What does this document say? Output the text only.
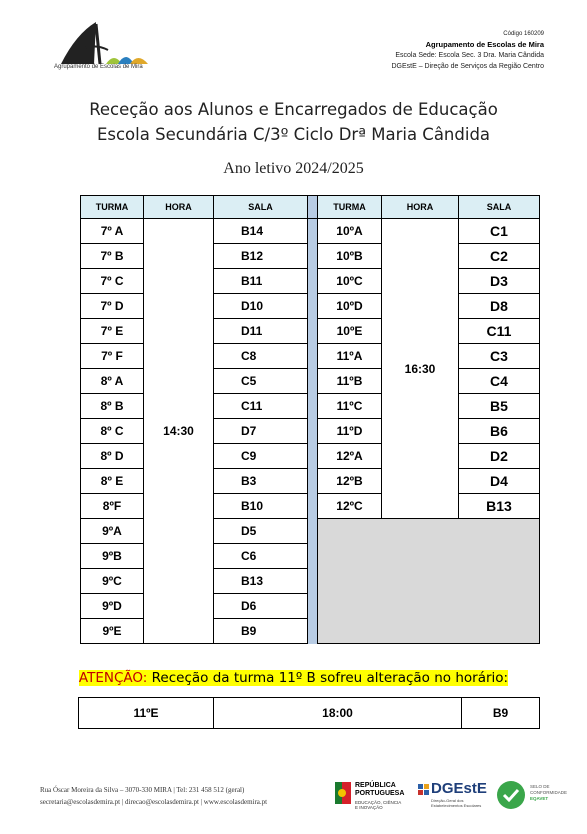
Agrupamento de Escolas de Mira
Código 160209
Agrupamento de Escolas de Mira
Escola Sede: Escola Sec. 3 Dra. Maria Cândida
DGEstE – Direção de Serviços da Região Centro
Receção aos Alunos e Encarregados de Educação
Escola Secundária C/3º Ciclo Drª Maria Cândida
Ano letivo 2024/2025
TURMA	HORA	SALA		TURMA	HORA	SALA
7º A	14:30	B14		10ºA	16:30	C1
7º B		B12		10ºB		C2
7º C		B11		10ºC		D3
7º D		D10		10ºD		D8
7º E		D11		10ºE		C11
7º F		C8		11ºA		C3
8º A		C5		11ºB		C4
8º B		C11		11ºC		B5
8º C		D7		11ºD		B6
8º D		C9		12ºA		D2
8º E		B3		12ºB		D4
8ºF		B10		12ºC		B13
9ºA		D5				
9ºB		C6				
9ºC		B13				
9ºD		D6				
9ºE		B9				
ATENÇÃO: Receção da turma 11º B sofreu alteração no horário:
11ºE	18:00	B9
Rua Óscar Moreira da Silva – 3070-330 MIRA | Tel: 231 458 512 (geral)
secretaria@escolasdemira.pt | direcao@escolasdemira.pt | www.escolasdemira.pt
REPÚBLICA
PORTUGUESA
EDUCAÇÃO, CIÊNCIA
E INOVAÇÃO
DGEstE
Direção-Geral dos Estabelecimentos Escolares
SELO DE
CONFORMIDADE
EQAVET
